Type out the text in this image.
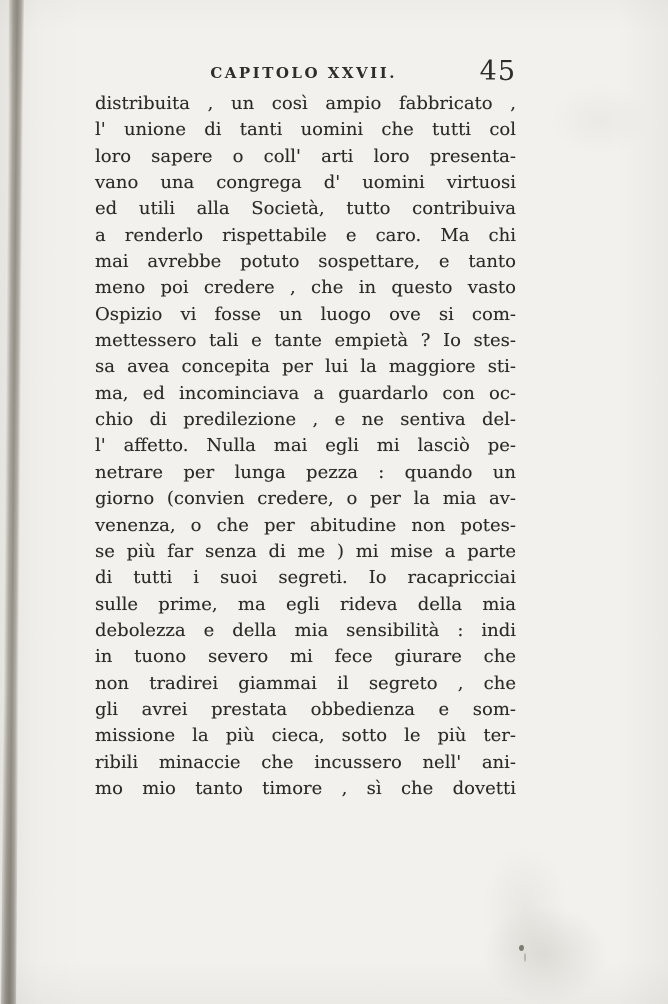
CAPITOLO XXVII.	45
distribuita , un così ampio fabbricato ,
l' unione di tanti uomini che tutti col
loro sapere o coll' arti loro presenta-
vano una congrega d' uomini virtuosi
ed utili alla Società, tutto contribuiva
a renderlo rispettabile e caro. Ma chi
mai avrebbe potuto sospettare, e tanto
meno poi credere , che in questo vasto
Ospizio vi fosse un luogo ove si com-
mettessero tali e tante empietà ? Io stes-
sa avea concepita per lui la maggiore sti-
ma, ed incominciava a guardarlo con oc-
chio di predilezione , e ne sentiva del-
l' affetto. Nulla mai egli mi lasciò pe-
netrare per lunga pezza : quando un
giorno (convien credere, o per la mia av-
venenza, o che per abitudine non potes-
se più far senza di me ) mi mise a parte
di tutti i suoi segreti. Io racapricciai
sulle prime, ma egli rideva della mia
debolezza e della mia sensibilità : indi
in tuono severo mi fece giurare che
non tradirei giammai il segreto , che
gli avrei prestata obbedienza e som-
missione la più cieca, sotto le più ter-
ribili minaccie che incussero nell' ani-
mo mio tanto timore , sì che dovetti
